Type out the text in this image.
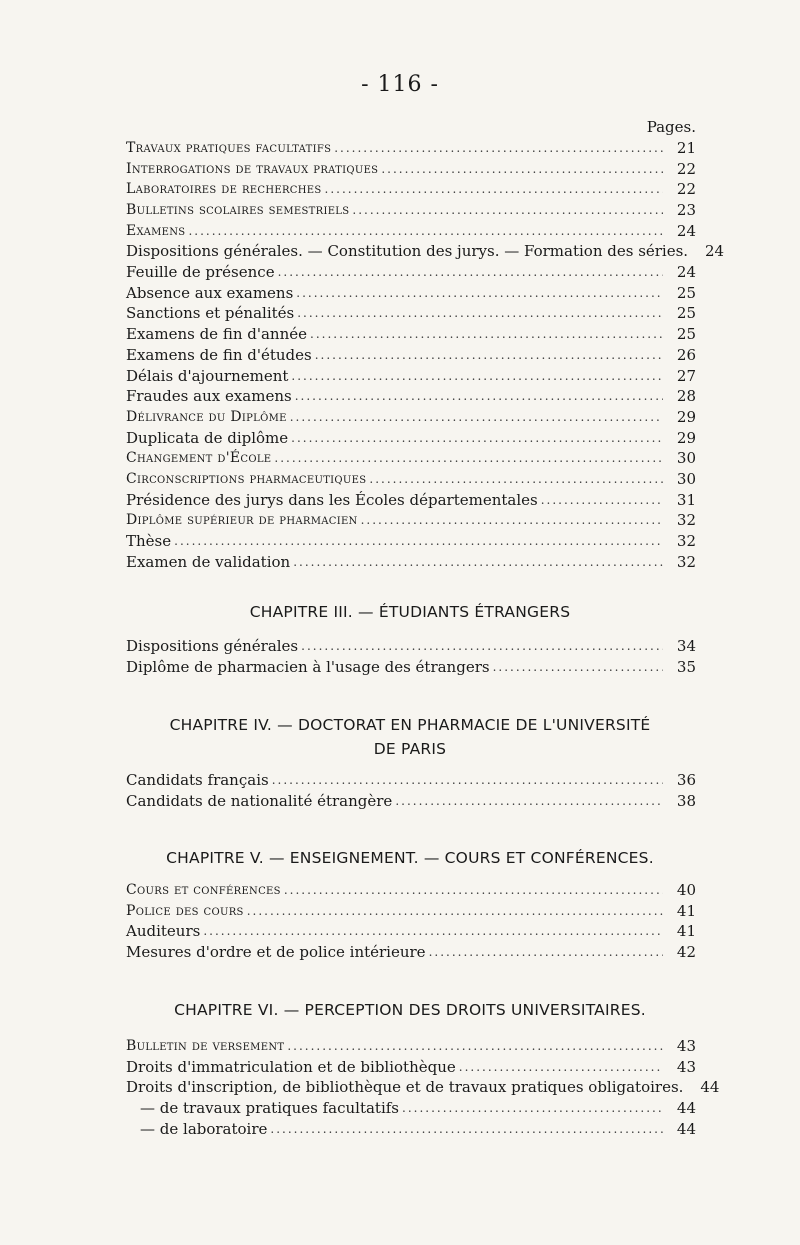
- 116 -
Pages.
Travaux pratiques facultatifs .....	21
Interrogations de travaux pratiques .....	22
Laboratoires de recherches .....	22
Bulletins scolaires semestriels .....	23
Examens .....	24
Dispositions générales. — Constitution des jurys. — Formation des séries.	24
Feuille de présence .....	24
Absence aux examens .....	25
Sanctions et pénalités .....	25
Examens de fin d'année .....	25
Examens de fin d'études .....	26
Délais d'ajournement .....	27
Fraudes aux examens .....	28
Délivrance du Diplôme .....	29
Duplicata de diplôme .....	29
Changement d'École .....	30
Circonscriptions pharmaceutiques .....	30
Présidence des jurys dans les Écoles départementales .....	31
Diplôme supérieur de pharmacien .....	32
Thèse .....	32
Examen de validation .....	32
CHAPITRE III. — ÉTUDIANTS ÉTRANGERS
Dispositions générales .....	34
Diplôme de pharmacien à l'usage des étrangers .....	35
CHAPITRE IV. — DOCTORAT EN PHARMACIE DE L'UNIVERSITÉ
DE PARIS
Candidats français .....	36
Candidats de nationalité étrangère .....	38
CHAPITRE V. — ENSEIGNEMENT. — COURS ET CONFÉRENCES.
Cours et conférences .....	40
Police des cours .....	41
Auditeurs .....	41
Mesures d'ordre et de police intérieure .....	42
CHAPITRE VI. — PERCEPTION DES DROITS UNIVERSITAIRES.
Bulletin de versement .....	43
Droits d'immatriculation et de bibliothèque .....	43
Droits d'inscription, de bibliothèque et de travaux pratiques obligatoires.	44
— de travaux pratiques facultatifs .....	44
— de laboratoire .....	44
